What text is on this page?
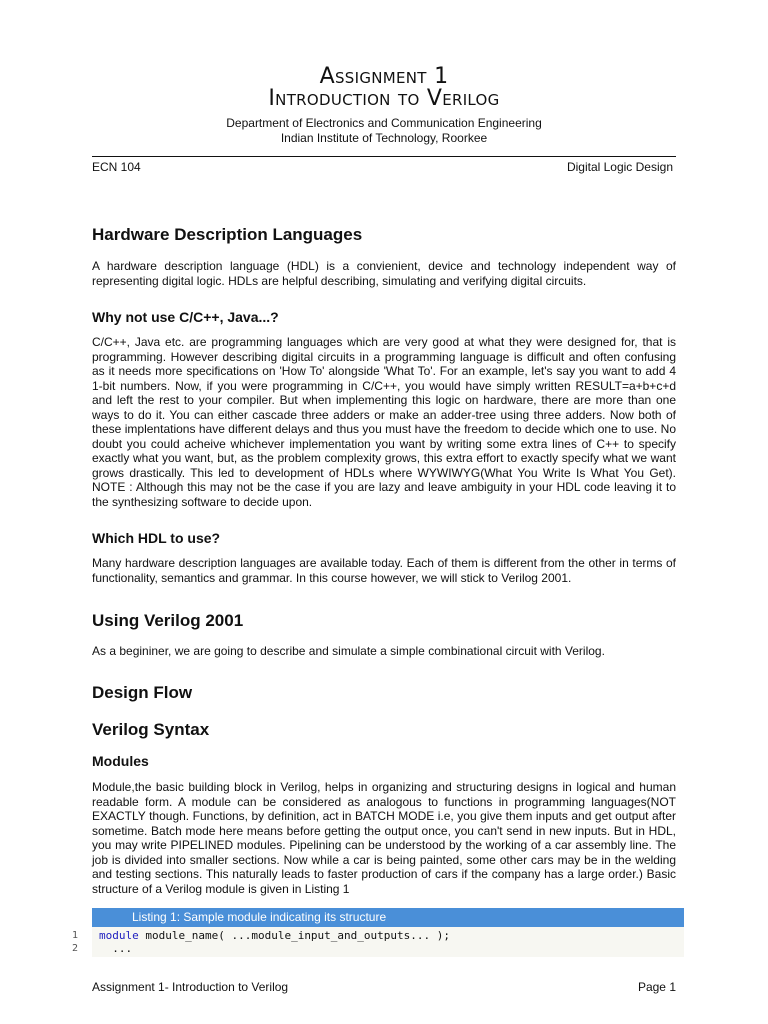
Assignment 1
Introduction to Verilog
Department of Electronics and Communication Engineering
Indian Institute of Technology, Roorkee
ECN 104	Digital Logic Design
Hardware Description Languages

A hardware description language (HDL) is a convienient, device and technology independent way of representing digital logic. HDLs are helpful describing, simulating and verifying digital circuits.

Why not use C/C++, Java...?

C/C++, Java etc. are programming languages which are very good at what they were designed for, that is programming. However describing digital circuits in a programming language is difficult and often confusing as it needs more specifications on 'How To' alongside 'What To'. For an example, let's say you want to add 4 1-bit numbers. Now, if you were programming in C/C++, you would have simply written RESULT=a+b+c+d and left the rest to your compiler. But when implementing this logic on hardware, there are more than one ways to do it. You can either cascade three adders or make an adder-tree using three adders. Now both of these implentations have different delays and thus you must have the freedom to decide which one to use. No doubt you could acheive whichever implementation you want by writing some extra lines of C++ to specify exactly what you want, but, as the problem complexity grows, this extra effort to exactly specify what we want grows drastically. This led to development of HDLs where WYWIWYG(What You Write Is What You Get). NOTE : Although this may not be the case if you are lazy and leave ambiguity in your HDL code leaving it to the synthesizing software to decide upon.

Which HDL to use?

Many hardware description languages are available today. Each of them is different from the other in terms of functionality, semantics and grammar. In this course however, we will stick to Verilog 2001.

Using Verilog 2001

As a begininer, we are going to describe and simulate a simple combinational circuit with Verilog.

Design Flow
Verilog Syntax
Modules

Module,the basic building block in Verilog, helps in organizing and structuring designs in logical and human readable form. A module can be considered as analogous to functions in programming languages(NOT EXACTLY though. Functions, by definition, act in BATCH MODE i.e, you give them inputs and get output after sometime. Batch mode here means before getting the output once, you can't send in new inputs. But in HDL, you may write PIPELINED modules. Pipelining can be understood by the working of a car assembly line. The job is divided into smaller sections. Now while a car is being painted, some other cars may be in the welding and testing sections. This naturally leads to faster production of cars if the company has a large order.) Basic structure of a Verilog module is given in Listing 1

Listing 1: Sample module indicating its structure
1 module module_name( ...module_input_and_outputs... );
2 ...
Assignment 1- Introduction to Verilog	Page 1
